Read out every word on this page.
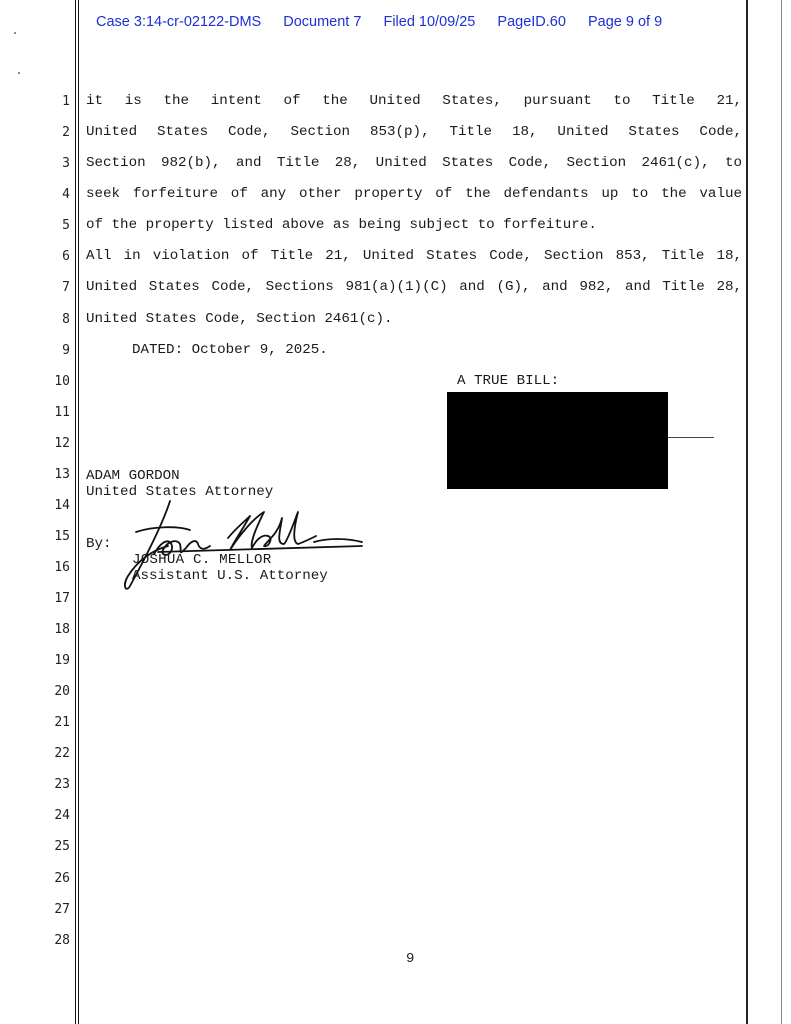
Case 3:14-cr-02122-DMS Document 7 Filed 10/09/25 PageID.60 Page 9 of 9
1
2
3
4
5
6
7
8
9
10
11
12
13
14
15
16
17
18
19
20
21
22
23
24
25
26
27
28
it is the intent of the United States, pursuant to Title 21,
United States Code, Section 853(p), Title 18, United States Code,
Section 982(b), and Title 28, United States Code, Section 2461(c), to
seek forfeiture of any other property of the defendants up to the value
of the property listed above as being subject to forfeiture.
All in violation of Title 21, United States Code, Section 853, Title 18,
United States Code, Sections 981(a)(1)(C) and (G), and 982, and Title 28,
United States Code, Section 2461(c).
DATED: October 9, 2025.
A TRUE BILL:
ADAM GORDON
United States Attorney
By:
JOSHUA C. MELLOR
Assistant U.S. Attorney
9
